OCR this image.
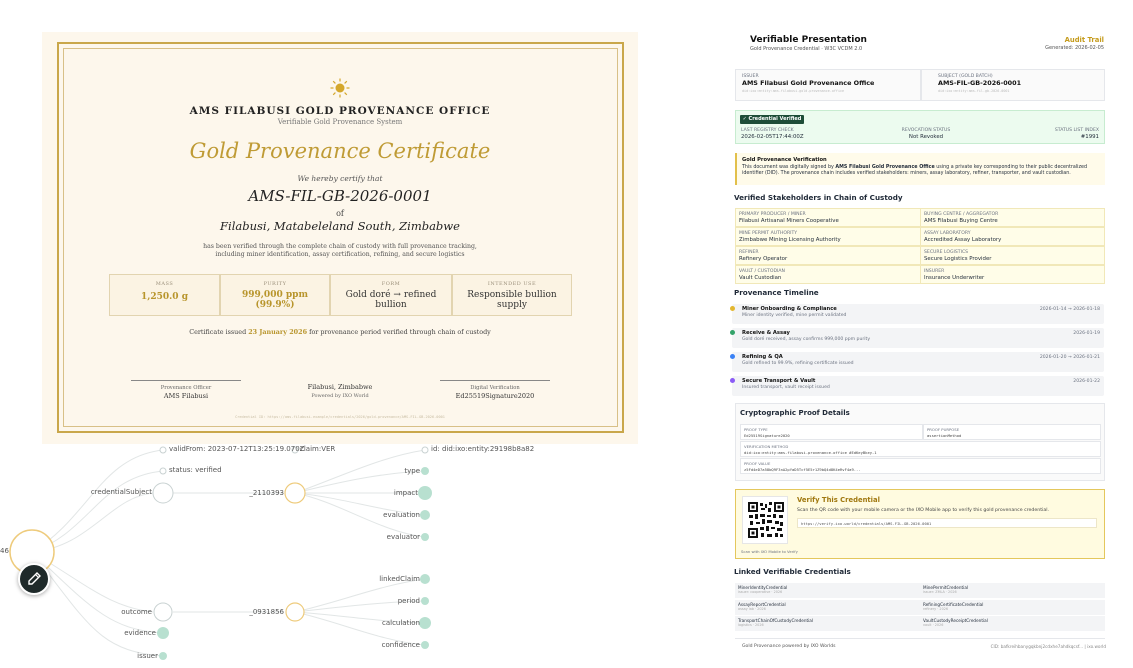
AMS FILABUSI GOLD PROVENANCE OFFICE
Verifiable Gold Provenance System
Gold Provenance Certificate
We hereby certify that
AMS-FIL-GB-2026-0001
of
Filabusi, Matabeleland South, Zimbabwe
has been verified through the complete chain of custody with full provenance tracking,
including miner identification, assay certification, refining, and secure logistics
MASS
1,250.0 g
PURITY
999,000 ppm
(99.9%)
FORM
Gold doré → refined
bullion
INTENDED USE
Responsible bullion
supply
Certificate issued 23 January 2026 for provenance period verified through chain of custody
Provenance Officer
AMS Filabusi
Filabusi, Zimbabwe
Powered by IXO World
Digital Verification
Ed25519Signature2020
Credential ID: https://ams-filabusi.example/credentials/2026/gold-provenance/AMS-FIL-GB-2026-0001
46
validFrom: 2023-07-12T13:25:19.070Z
claim:VER	id: did:ixo:entity:29198b8a82
status: verified	type
credentialSubject	_2110393	impact
evaluation
evaluator
linkedClaim
period
outcome	_0931856
calculation
evidence
confidence
issuer
Verifiable Presentation
Gold Provenance Credential · W3C VCDM 2.0
Audit Trail
Generated: 2026-02-05
ISSUER
AMS Filabusi Gold Provenance Office
did:ixo:entity:ams-filabusi-gold-provenance-office
SUBJECT (GOLD BATCH)
AMS-FIL-GB-2026-0001
did:ixo:entity:ams-fil-gb-2026-0001
✓ Credential Verified
LAST REGISTRY CHECK
2026-02-05T17:44:00Z
REVOCATION STATUS
Not Revoked
STATUS LIST INDEX
#1991
Gold Provenance Verification
This document was digitally signed by AMS Filabusi Gold Provenance Office using a private key corresponding to their public decentralized
identifier (DID). The provenance chain includes verified stakeholders: miners, assay laboratory, refiner, transporter, and vault custodian.
Verified Stakeholders in Chain of Custody
PRIMARY PRODUCER / MINER
Filabusi Artisanal Miners Cooperative
BUYING CENTRE / AGGREGATOR
AMS Filabusi Buying Centre
MINE PERMIT AUTHORITY
Zimbabwe Mining Licensing Authority
ASSAY LABORATORY
Accredited Assay Laboratory
REFINER
Refinery Operator
SECURE LOGISTICS
Secure Logistics Provider
VAULT / CUSTODIAN
Vault Custodian
INSURER
Insurance Underwriter
Provenance Timeline
Miner Onboarding & Compliance
Miner identity verified, mine permit validated
2026-01-14 → 2026-01-18
Receive & Assay
Gold doré received, assay confirms 999,000 ppm purity
2026-01-19
Refining & QA
Gold refined to 99.9%, refining certificate issued
2026-01-20 → 2026-01-21
Secure Transport & Vault
Insured transport, vault receipt issued
2026-01-22
Cryptographic Proof Details
PROOF TYPE
Ed25519Signature2020
PROOF PURPOSE
assertionMethod
VERIFICATION METHOD
did:ixo:entity:ams-filabusi-provenance-office #EdKeyBkey-1
PROOF VALUE
z5Fd4eD7a58bQ9F3nA2pYaD5Tcf5E5r1Z9bQ4d8K4eRvF4a9...
Scan with IXO Mobile to Verify
Verify This Credential
Scan the QR code with your mobile camera or the IXO Mobile app to verify this gold provenance credential.
https://verify.ixo.world/credentials/AMS-FIL-GB-2026-0001
Linked Verifiable Credentials
MinerIdentityCredential
issuer: cooperative · 2026
MinePermitCredential
issuer: ZMLA · 2026
AssayReportCredential
assay lab · 2026
RefiningCertificateCredential
refinery · 2026
TransportChainOfCustodyCredential
logistics · 2026
VaultCustodyReceiptCredential
vault · 2026
Gold Provenance powered by IXO Worlds	CID: bafkreihbanygqkbnj2cdxhe7ahdkqcsf... | ixo.world
